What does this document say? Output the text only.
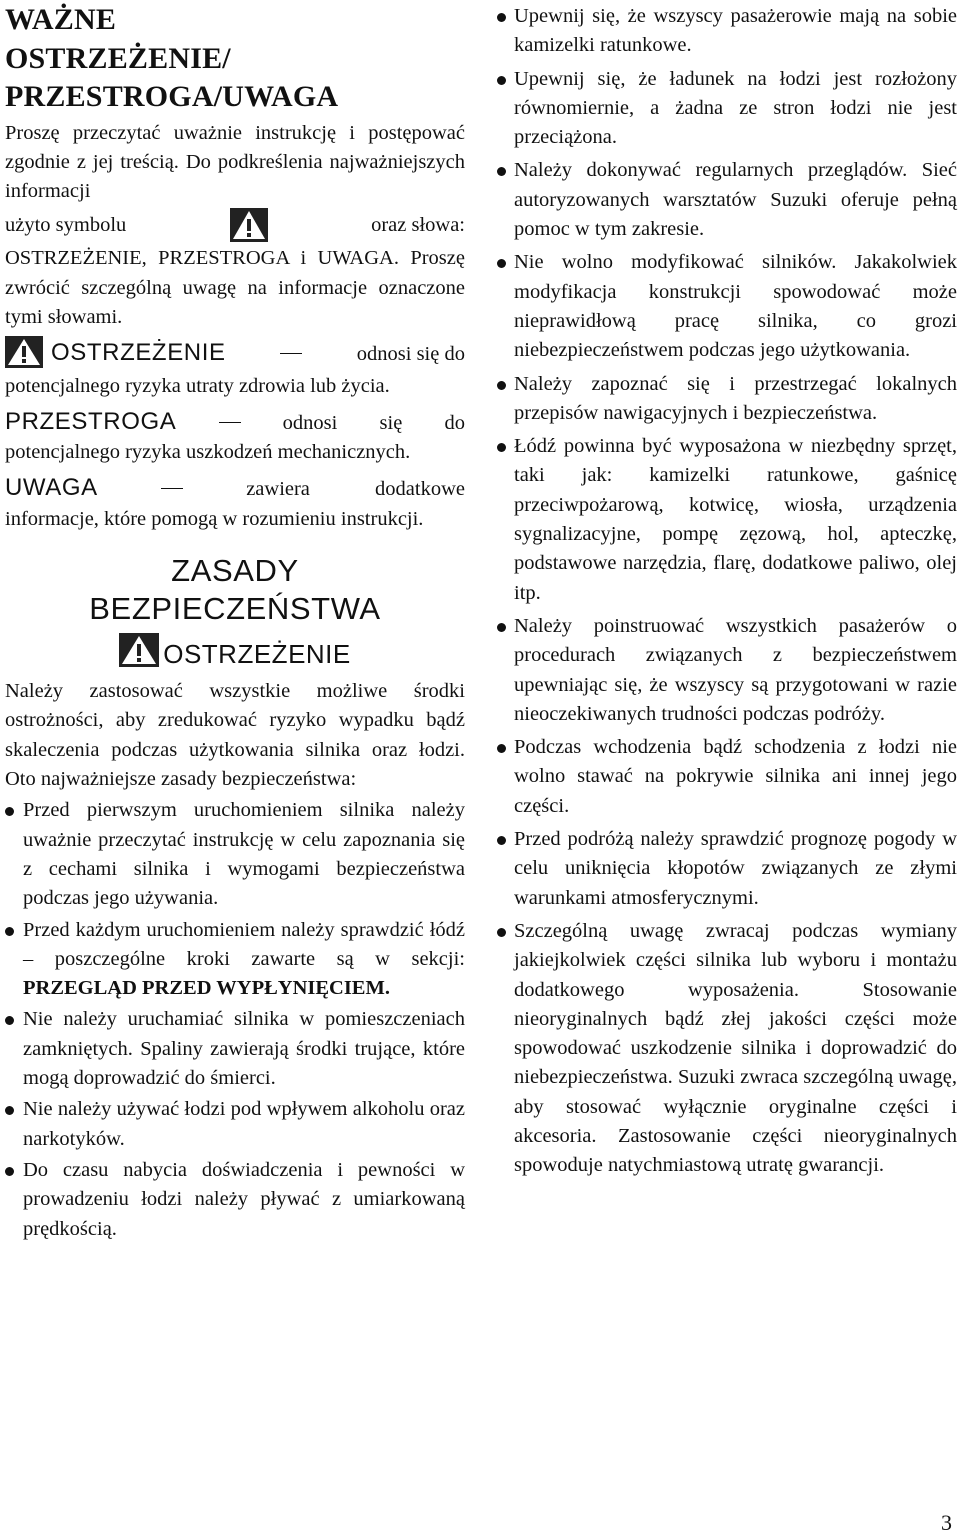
WAŻNE
OSTRZEŻENIE/
PRZESTROGA/UWAGA

Proszę przeczytać uważnie instrukcję i postępować zgodnie z jej treścią. Do podkreślenia najważniejszych informacji

użyto symbolu	oraz słowa:

OSTRZEŻENIE, PRZESTROGA i UWAGA. Proszę zwrócić szczególną uwagę na informacje oznaczone tymi słowami.

OSTRZEŻENIE	odnosi się do

potencjalnego ryzyka utraty zdrowia lub życia.

PRZESTROGA	odnosi się do

potencjalnego ryzyka uszkodzeń mechanicznych.

UWAGA	zawiera dodatkowe

informacje, które pomogą w rozumieniu instrukcji.

ZASADY
BEZPIECZEŃSTWA
OSTRZEŻENIE

Należy zastosować wszystkie możliwe środki ostrożności, aby zredukować ryzyko wypadku bądź skaleczenia podczas użytkowania silnika oraz łodzi. Oto najważniejsze zasady bezpieczeństwa:

Przed pierwszym uruchomieniem silnika należy uważnie przeczytać instrukcję w celu zapoznania się z cechami silnika i wymogami bezpieczeństwa podczas jego używania.
Przed każdym uruchomieniem należy sprawdzić łódź – poszczególne kroki zawarte są w sekcji: PRZEGLĄD PRZED WYPŁYNIĘCIEM.
Nie należy uruchamiać silnika w pomieszczeniach zamkniętych. Spaliny zawierają środki trujące, które mogą doprowadzić do śmierci.
Nie należy używać łodzi pod wpływem alkoholu oraz narkotyków.
Do czasu nabycia doświadczenia i pewności w prowadzeniu łodzi należy pływać z umiarkowaną prędkością.
Upewnij się, że wszyscy pasażerowie mają na sobie kamizelki ratunkowe.
Upewnij się, że ładunek na łodzi jest rozłożony równomiernie, a żadna ze stron łodzi nie jest przeciążona.
Należy dokonywać regularnych przeglądów. Sieć autoryzowanych warsztatów Suzuki oferuje pełną pomoc w tym zakresie.
Nie wolno modyfikować silników. Jakakolwiek modyfikacja konstrukcji spowodować może nieprawidłową pracę silnika, co grozi niebezpieczeństwem podczas jego użytkowania.
Należy zapoznać się i przestrzegać lokalnych przepisów nawigacyjnych i bezpieczeństwa.
Łódź powinna być wyposażona w niezbędny sprzęt, taki jak: kamizelki ratunkowe, gaśnicę przeciwpożarową, kotwicę, wiosła, urządzenia sygnalizacyjne, pompę zęzową, hol, apteczkę, podstawowe narzędzia, flarę, dodatkowe paliwo, olej itp.
Należy poinstruować wszystkich pasażerów o procedurach związanych z bezpieczeństwem upewniając się, że wszyscy są przygotowani w razie nieoczekiwanych trudności podczas podróży.
Podczas wchodzenia bądź schodzenia z łodzi nie wolno stawać na pokrywie silnika ani innej jego części.
Przed podróżą należy sprawdzić prognozę pogody w celu uniknięcia kłopotów związanych ze złymi warunkami atmosferycznymi.
Szczególną uwagę zwracaj podczas wymiany jakiejkolwiek części silnika lub wyboru i montażu dodatkowego wyposażenia. Stosowanie nieoryginalnych bądź złej jakości części może spowodować uszkodzenie silnika i doprowadzić do niebezpieczeństwa. Suzuki zwraca szczególną uwagę, aby stosować wyłącznie oryginalne części i akcesoria. Zastosowanie części nieoryginalnych spowoduje natychmiastową utratę gwarancji.
3
